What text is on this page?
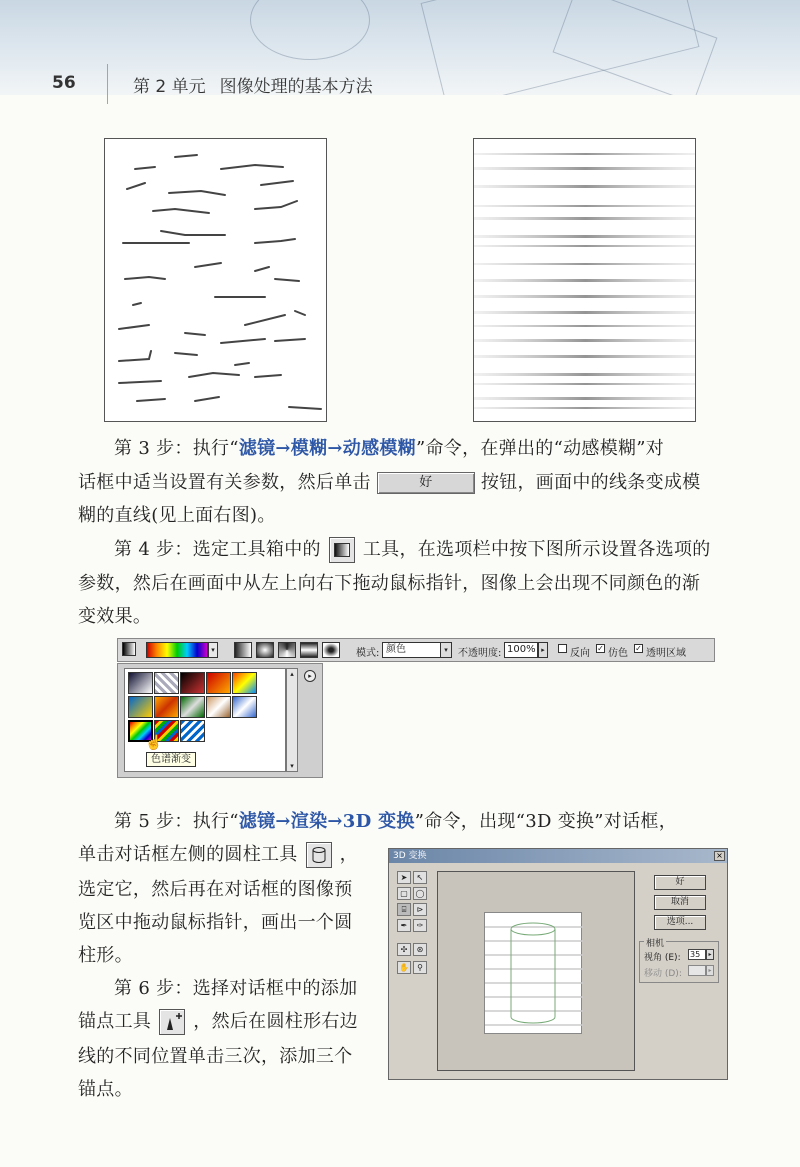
56	第 2 单元 图像处理的基本方法
第 3 步：执行“滤镜→模糊→动感模糊”命令，在弹出的“动感模糊”对
话框中适当设置有关参数，然后单击	好	按钮，画面中的线条变成模
糊的直线(见上面右图)。
第 4 步：选定工具箱中的 工具，在选项栏中按下图所示设置各选项的
参数，然后在画面中从左上向右下拖动鼠标指针，图像上会出现不同颜色的渐
变效果。
▾	模式: 颜色	▾	不透明度: 100% ▸	反向 ✓ 仿色 ✓ 透明区域
☝
▴
▾
▸
色谱渐变
第 5 步：执行“滤镜→渲染→3D 变换”命令，出现“3D 变换”对话框，
单击对话框左侧的圆柱工具 ，
选定它，然后再在对话框的图像预
览区中拖动鼠标指针，画出一个圆
柱形。
第 6 步：选择对话框中的添加
锚点工具 ，然后在圆柱形右边
线的不同位置单击三次，添加三个
锚点。
3D 变换	×
➤	↖
▢ ◯
⌸	⊳
✒	✑
✣	⊛
✋	⚲
好
取消
选项...
相机
视角 (E): 35	▸
移动 (D):	▸
